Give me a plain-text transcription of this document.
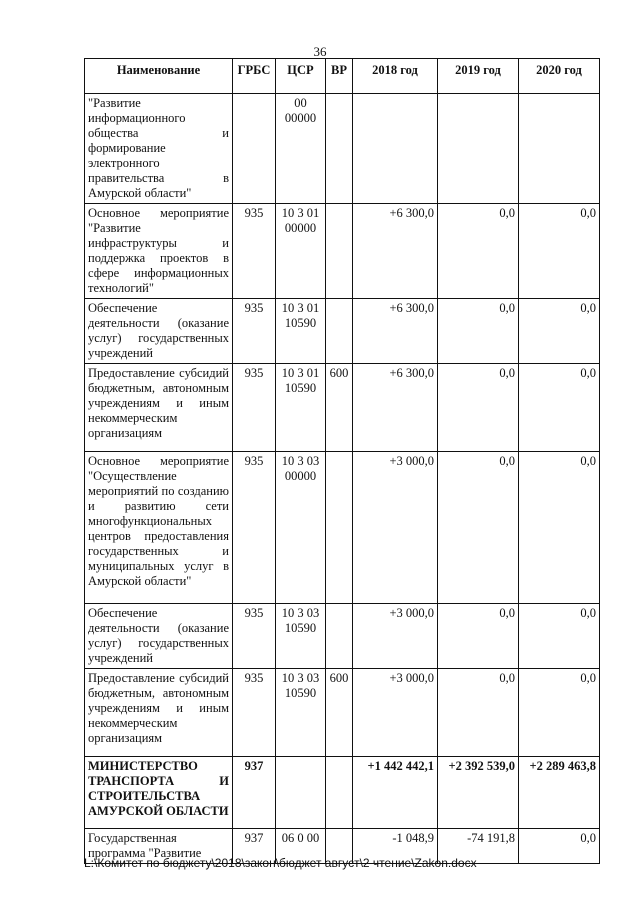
36
Наименование	ГРБС	ЦСР	ВР	2018 год	2019 год	2020 год
"Развитие информационного общества и формирование электронного правительства в Амурской области"		00 00000				
Основное мероприятие "Развитие инфраструктуры и поддержка проектов в сфере информационных технологий"	935	10 3 01 00000		+6 300,0	0,0	0,0
Обеспечение деятельности (оказание услуг) государственных учреждений	935	10 3 01 10590		+6 300,0	0,0	0,0
Предоставление субсидий бюджетным, автономным учреждениям и иным некоммерческим организациям	935	10 3 01 10590	600	+6 300,0	0,0	0,0
Основное мероприятие "Осуществление мероприятий по созданию и развитию сети многофункциональных центров предоставления государственных и муниципальных услуг в Амурской области"	935	10 3 03 00000		+3 000,0	0,0	0,0
Обеспечение деятельности (оказание услуг) государственных учреждений	935	10 3 03 10590		+3 000,0	0,0	0,0
Предоставление субсидий бюджетным, автономным учреждениям и иным некоммерческим организациям	935	10 3 03 10590	600	+3 000,0	0,0	0,0
МИНИСТЕРСТВО ТРАНСПОРТА И СТРОИТЕЛЬСТВА АМУРСКОЙ ОБЛАСТИ	937			+1 442 442,1	+2 392 539,0	+2 289 463,8
Государственная программа "Развитие	937	06 0 00		-1 048,9	-74 191,8	0,0
L:\Комитет по бюджету\2018\закон\бюджет август\2 чтение\Zakon.docx
